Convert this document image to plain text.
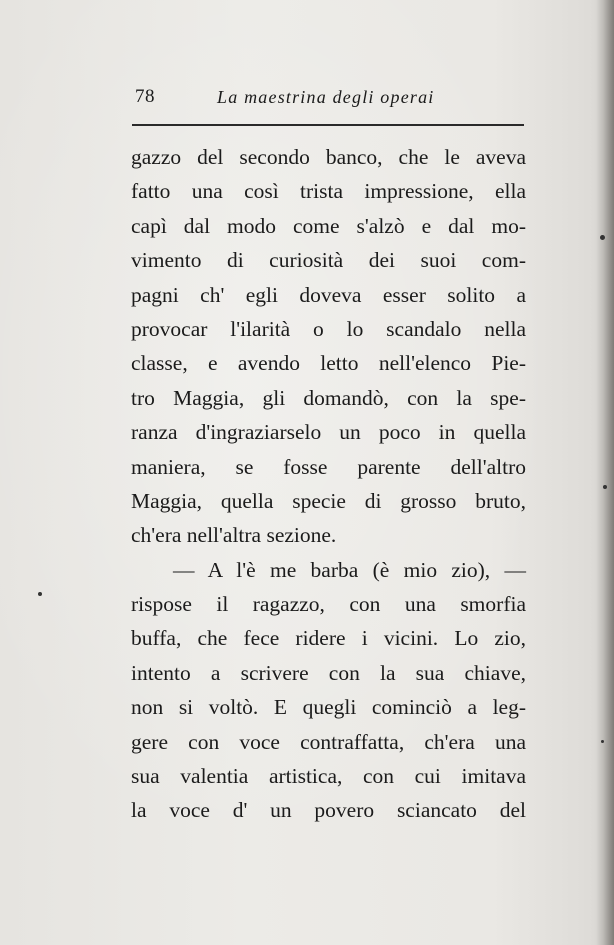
78	La maestrina degli operai
gazzo del secondo banco, che le aveva
fatto una così trista impressione, ella
capì dal modo come s'alzò e dal mo-
vimento di curiosità dei suoi com-
pagni ch' egli doveva esser solito a
provocar l'ilarità o lo scandalo nella
classe, e avendo letto nell'elenco Pie-
tro Maggia, gli domandò, con la spe-
ranza d'ingraziarselo un poco in quella
maniera, se fosse parente dell'altro
Maggia, quella specie di grosso bruto,
ch'era nell'altra sezione.
— A l'è me barba (è mio zio), —
rispose il ragazzo, con una smorfia
buffa, che fece ridere i vicini. Lo zio,
intento a scrivere con la sua chiave,
non si voltò. E quegli cominciò a leg-
gere con voce contraffatta, ch'era una
sua valentia artistica, con cui imitava
la voce d' un povero sciancato del
